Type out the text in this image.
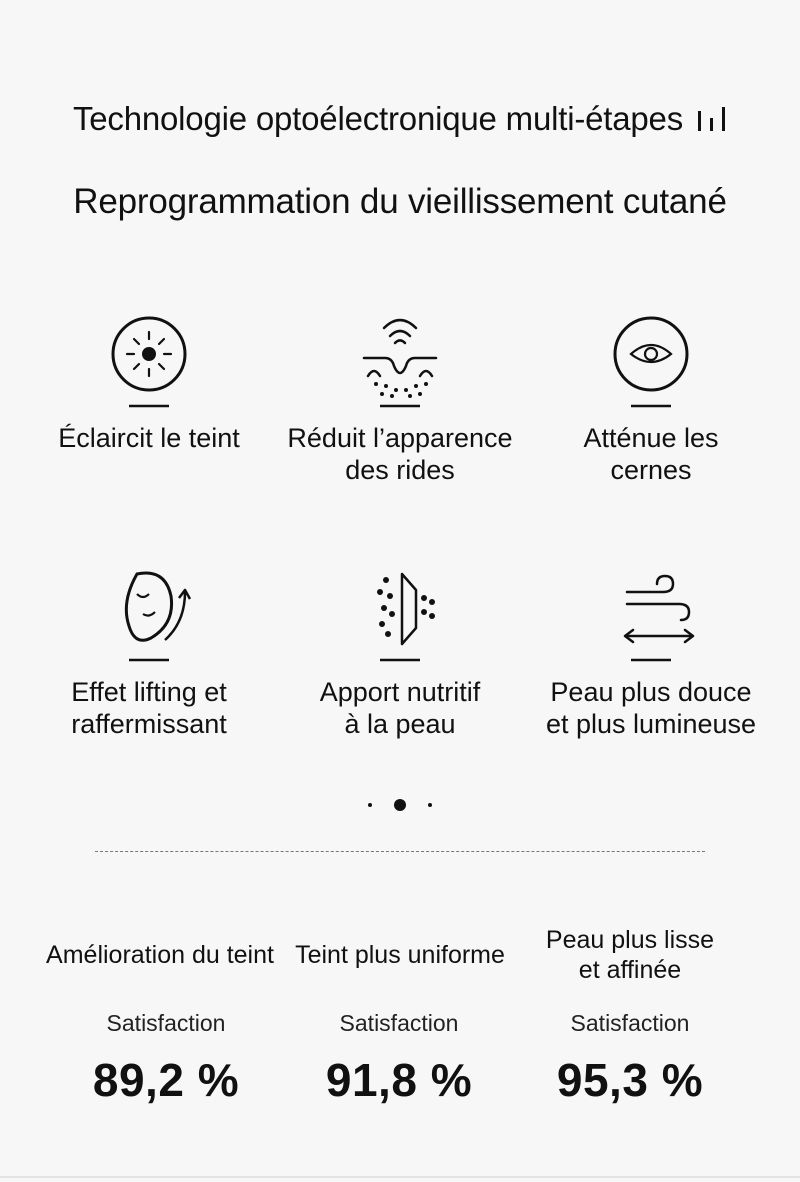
Technologie optoélectronique multi-étapes
Reprogrammation du vieillissement cutané
Éclaircit le teint	Réduit l’apparence
des rides
Atténue les
cernes
Effet lifting et
raffermissant
Apport nutritif
à la peau
Peau plus douce
et plus lumineuse
Amélioration du teint Teint plus uniforme
Peau plus lisse
et affinée
Satisfaction
89,2 %
Satisfaction
91,8 %
Satisfaction
95,3 %
